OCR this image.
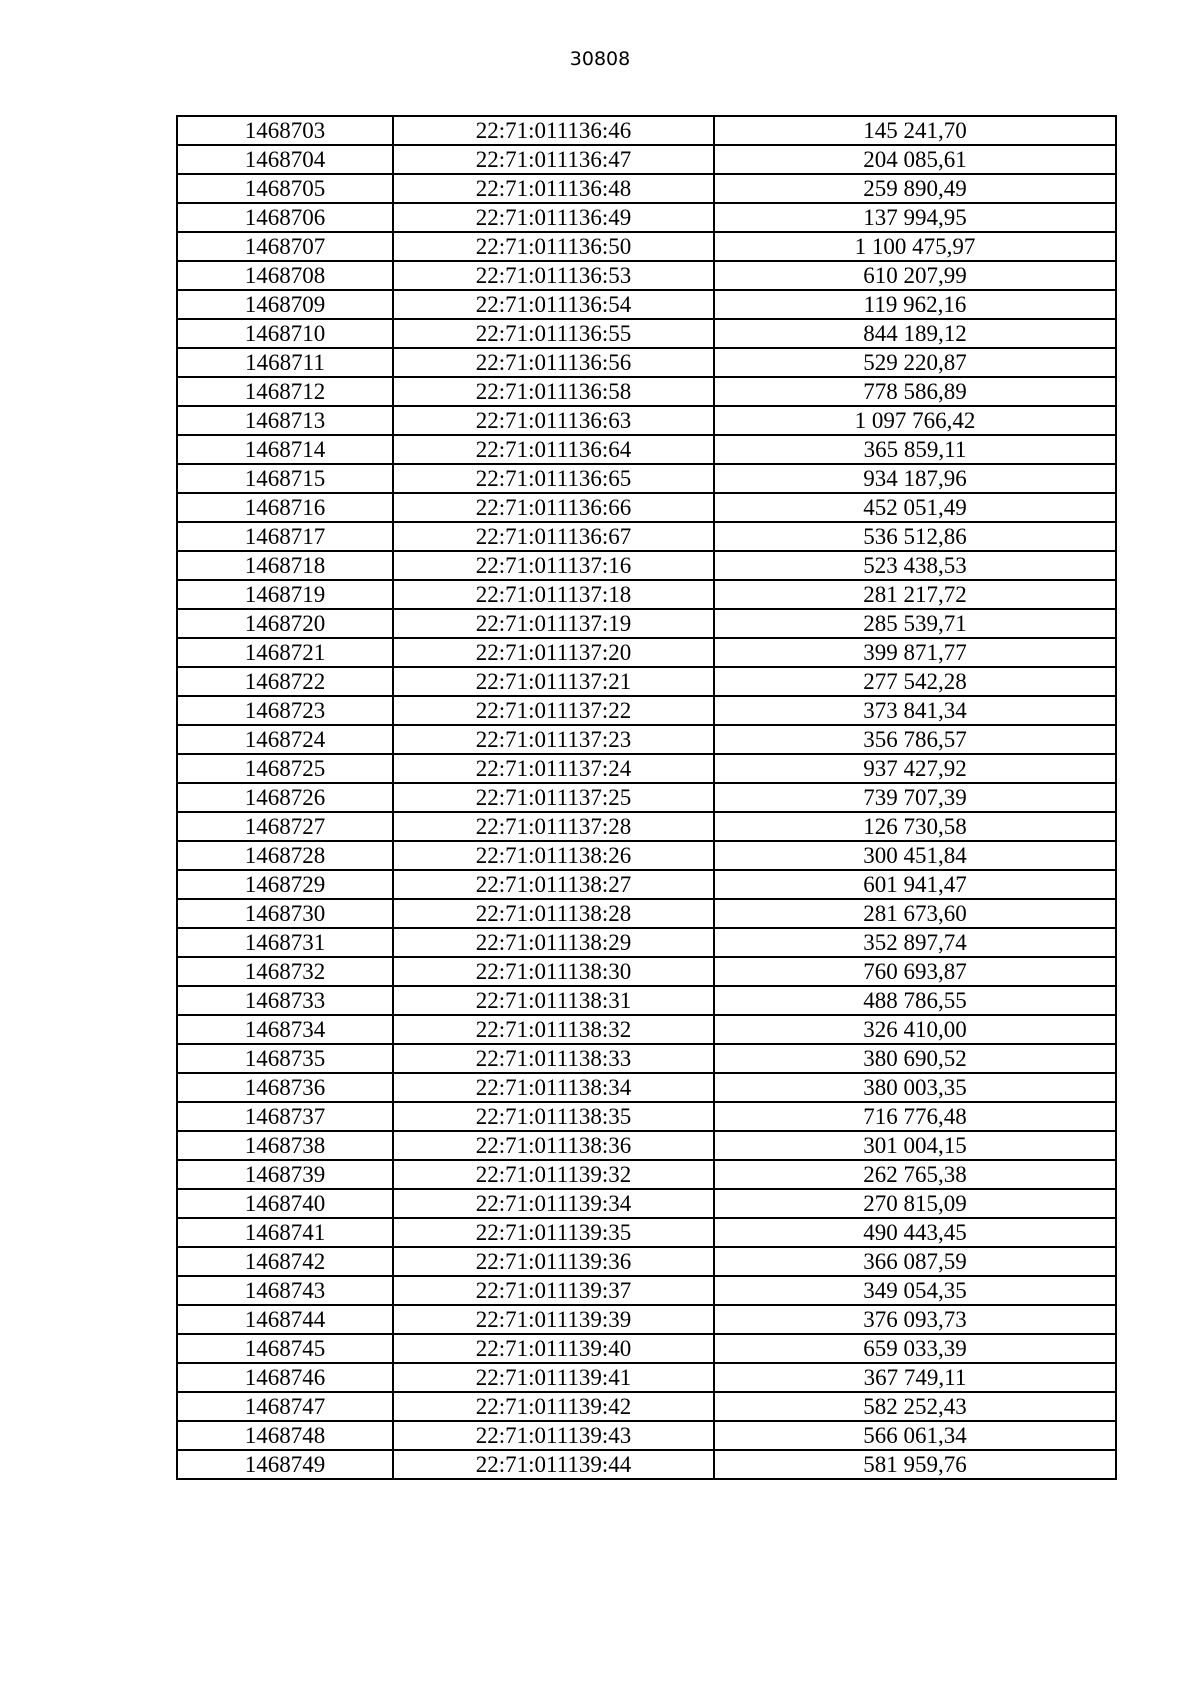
30808
1468703	22:71:011136:46	145 241,70
1468704	22:71:011136:47	204 085,61
1468705	22:71:011136:48	259 890,49
1468706	22:71:011136:49	137 994,95
1468707	22:71:011136:50	1 100 475,97
1468708	22:71:011136:53	610 207,99
1468709	22:71:011136:54	119 962,16
1468710	22:71:011136:55	844 189,12
1468711	22:71:011136:56	529 220,87
1468712	22:71:011136:58	778 586,89
1468713	22:71:011136:63	1 097 766,42
1468714	22:71:011136:64	365 859,11
1468715	22:71:011136:65	934 187,96
1468716	22:71:011136:66	452 051,49
1468717	22:71:011136:67	536 512,86
1468718	22:71:011137:16	523 438,53
1468719	22:71:011137:18	281 217,72
1468720	22:71:011137:19	285 539,71
1468721	22:71:011137:20	399 871,77
1468722	22:71:011137:21	277 542,28
1468723	22:71:011137:22	373 841,34
1468724	22:71:011137:23	356 786,57
1468725	22:71:011137:24	937 427,92
1468726	22:71:011137:25	739 707,39
1468727	22:71:011137:28	126 730,58
1468728	22:71:011138:26	300 451,84
1468729	22:71:011138:27	601 941,47
1468730	22:71:011138:28	281 673,60
1468731	22:71:011138:29	352 897,74
1468732	22:71:011138:30	760 693,87
1468733	22:71:011138:31	488 786,55
1468734	22:71:011138:32	326 410,00
1468735	22:71:011138:33	380 690,52
1468736	22:71:011138:34	380 003,35
1468737	22:71:011138:35	716 776,48
1468738	22:71:011138:36	301 004,15
1468739	22:71:011139:32	262 765,38
1468740	22:71:011139:34	270 815,09
1468741	22:71:011139:35	490 443,45
1468742	22:71:011139:36	366 087,59
1468743	22:71:011139:37	349 054,35
1468744	22:71:011139:39	376 093,73
1468745	22:71:011139:40	659 033,39
1468746	22:71:011139:41	367 749,11
1468747	22:71:011139:42	582 252,43
1468748	22:71:011139:43	566 061,34
1468749	22:71:011139:44	581 959,76
